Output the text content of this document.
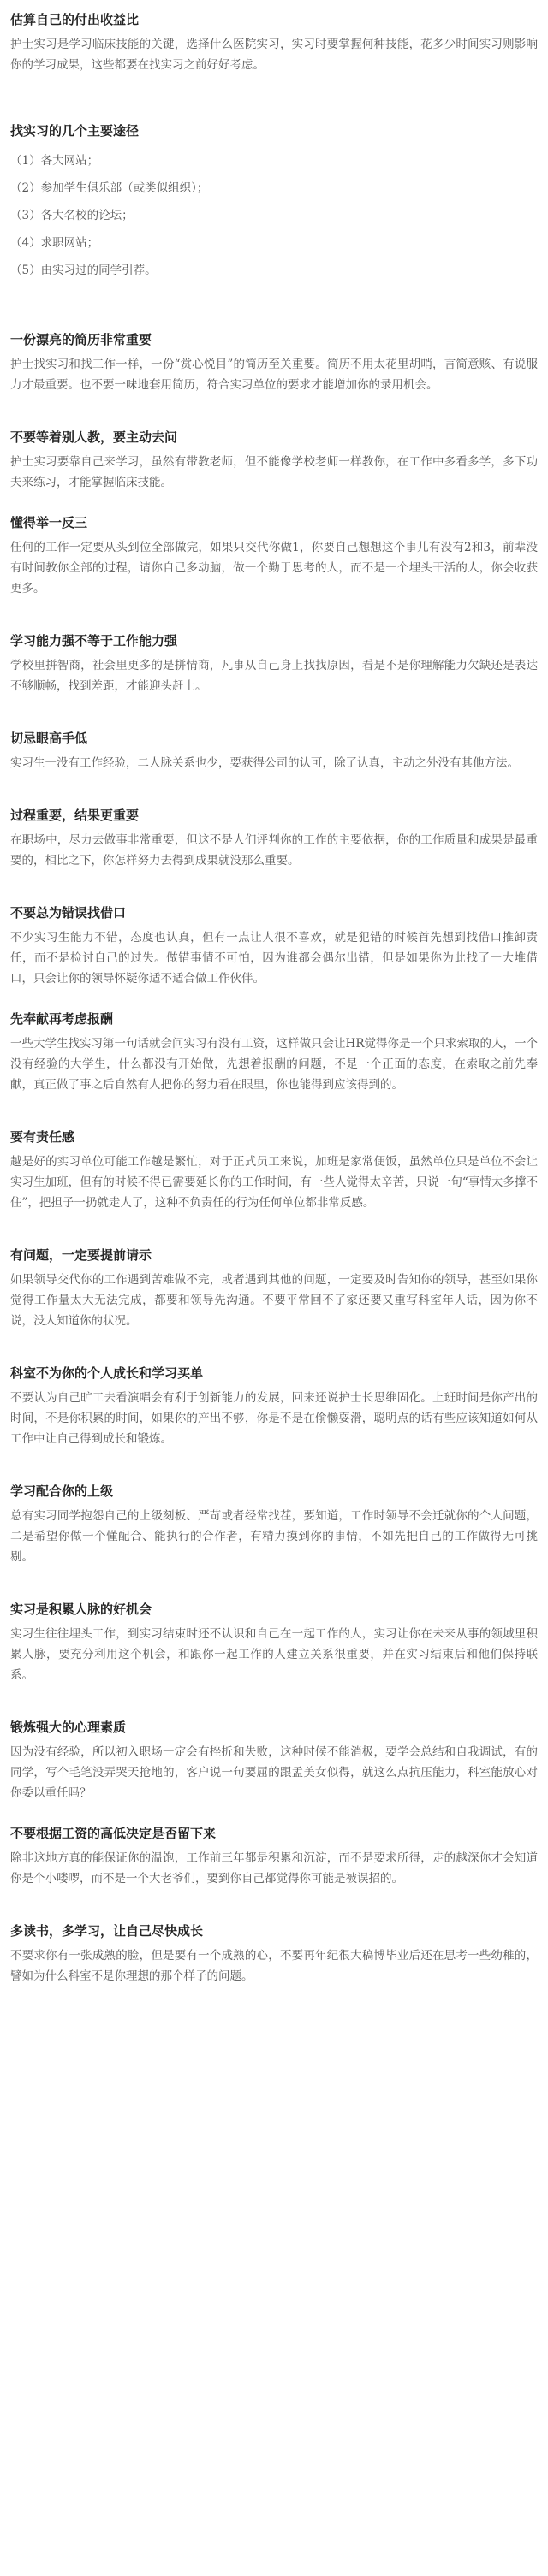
估算自己的付出收益比

护士实习是学习临床技能的关键，选择什么医院实习，实习时要掌握何种技能，花多少时间实习则影响你的学习成果，这些都要在找实习之前好好考虑。

找实习的几个主要途径
（1）各大网站；
（2）参加学生俱乐部（或类似组织）；
（3）各大名校的论坛；
（4）求职网站；
（5）由实习过的同学引荐。
一份漂亮的简历非常重要

护士找实习和找工作一样，一份“赏心悦目”的简历至关重要。简历不用太花里胡哨，言简意赅、有说服力才最重要。也不要一味地套用简历，符合实习单位的要求才能增加你的录用机会。

不要等着别人教，要主动去问

护士实习要靠自己来学习，虽然有带教老师，但不能像学校老师一样教你，在工作中多看多学，多下功夫来练习，才能掌握临床技能。

懂得举一反三

任何的工作一定要从头到位全部做完，如果只交代你做1，你要自己想想这个事儿有没有2和3，前辈没有时间教你全部的过程，请你自己多动脑，做一个勤于思考的人，而不是一个埋头干活的人，你会收获更多。

学习能力强不等于工作能力强

学校里拼智商，社会里更多的是拼情商，凡事从自己身上找找原因，看是不是你理解能力欠缺还是表达不够顺畅，找到差距，才能迎头赶上。

切忌眼高手低

实习生一没有工作经验，二人脉关系也少，要获得公司的认可，除了认真，主动之外没有其他方法。

过程重要，结果更重要

在职场中，尽力去做事非常重要，但这不是人们评判你的工作的主要依据，你的工作质量和成果是最重要的，相比之下，你怎样努力去得到成果就没那么重要。

不要总为错误找借口

不少实习生能力不错，态度也认真，但有一点让人很不喜欢，就是犯错的时候首先想到找借口推卸责任，而不是检讨自己的过失。做错事情不可怕，因为谁都会偶尔出错，但是如果你为此找了一大堆借口，只会让你的领导怀疑你适不适合做工作伙伴。

先奉献再考虑报酬

一些大学生找实习第一句话就会问实习有没有工资，这样做只会让HR觉得你是一个只求索取的人，一个没有经验的大学生，什么都没有开始做，先想着报酬的问题，不是一个正面的态度，在索取之前先奉献，真正做了事之后自然有人把你的努力看在眼里，你也能得到应该得到的。

要有责任感

越是好的实习单位可能工作越是繁忙，对于正式员工来说，加班是家常便饭，虽然单位只是单位不会让实习生加班，但有的时候不得已需要延长你的工作时间，有一些人觉得太辛苦，只说一句“事情太多撑不住”，把担子一扔就走人了，这种不负责任的行为任何单位都非常反感。

有问题，一定要提前请示

如果领导交代你的工作遇到苦难做不完，或者遇到其他的问题，一定要及时告知你的领导，甚至如果你觉得工作量太大无法完成，都要和领导先沟通。不要平常回不了家还要又重写科室年人话，因为你不说，没人知道你的状况。

科室不为你的个人成长和学习买单

不要认为自己旷工去看演唱会有利于创新能力的发展，回来还说护士长思维固化。上班时间是你产出的时间，不是你积累的时间，如果你的产出不够，你是不是在偷懒耍滑，聪明点的话有些应该知道如何从工作中让自己得到成长和锻炼。

学习配合你的上级

总有实习同学抱怨自己的上级刻板、严苛或者经常找茬，要知道，工作时领导不会迁就你的个人问题，二是希望你做一个懂配合、能执行的合作者，有精力摸到你的事情，不如先把自己的工作做得无可挑剔。

实习是积累人脉的好机会

实习生往往埋头工作，到实习结束时还不认识和自己在一起工作的人，实习让你在未来从事的领域里积累人脉，要充分利用这个机会，和跟你一起工作的人建立关系很重要，并在实习结束后和他们保持联系。

锻炼强大的心理素质

因为没有经验，所以初入职场一定会有挫折和失败，这种时候不能消极，要学会总结和自我调试，有的同学，写个毛笔没弄哭天抢地的，客户说一句要屈的跟孟美女似得，就这么点抗压能力，科室能放心对你委以重任吗？

不要根据工资的高低决定是否留下来

除非这地方真的能保证你的温饱，工作前三年都是积累和沉淀，而不是要求所得，走的越深你才会知道你是个小喽啰，而不是一个大老爷们，要到你自己都觉得你可能是被误招的。

多读书，多学习，让自己尽快成长

不要求你有一张成熟的脸，但是要有一个成熟的心，不要再年纪很大稿博毕业后还在思考一些幼稚的，譬如为什么科室不是你理想的那个样子的问题。
